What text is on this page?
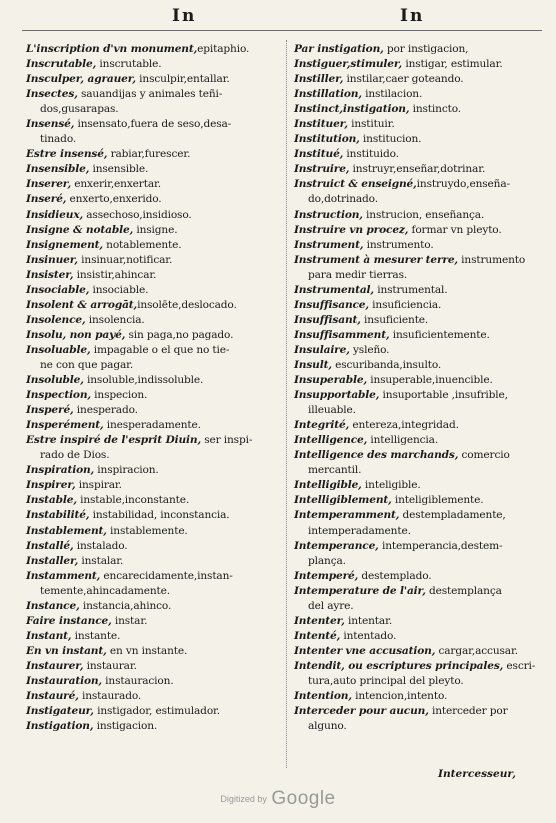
In	In
L'inscription d'vn monument,epitaphio.
Inscrutable, inscrutable.
Insculper, agrauer, insculpir,entallar.
Insectes, sauandijas y animales teñi-
dos,gusarapas.
Insensé, insensato,fuera de seso,desa-
tinado.
Estre insensé, rabiar,furescer.
Insensible, insensible.
Inserer, enxerir,enxertar.
Inseré, enxerto,enxerido.
Insidieux, assechoso,insidioso.
Insigne & notable, insigne.
Insignement, notablemente.
Insinuer, insinuar,notificar.
Insister, insistir,ahincar.
Insociable, insociable.
Insolent & arrogāt,insolēte,deslocado.
Insolence, insolencia.
Insolu, non payé, sin paga,no pagado.
Insoluable, impagable o el que no tie-
ne con que pagar.
Insoluble, insoluble,indissoluble.
Inspection, inspecion.
Insperé, inesperado.
Insperément, inesperadamente.
Estre inspiré de l'esprit Diuin, ser inspi-
rado de Dios.
Inspiration, inspiracion.
Inspirer, inspirar.
Instable, instable,inconstante.
Instabilité, instabilidad, inconstancia.
Instablement, instablemente.
Installé, instalado.
Installer, instalar.
Instamment, encarecidamente,instan-
temente,ahincadamente.
Instance, instancia,ahinco.
Faire instance, instar.
Instant, instante.
En vn instant, en vn instante.
Instaurer, instaurar.
Instauration, instauracion.
Instauré, instaurado.
Instigateur, instigador, estimulador.
Instigation, instigacion.
Par instigation, por instigacion,
Instiguer,stimuler, instigar, estimular.
Instiller, instilar,caer goteando.
Instillation, instilacion.
Instinct,instigation, instincto.
Instituer, instituir.
Institution, institucion.
Institué, instituido.
Instruire, instruyr,enseñar,dotrinar.
Instruict & enseigné,instruydo,enseña-
do,dotrinado.
Instruction, instrucion, enseñança.
Instruire vn procez, formar vn pleyto.
Instrument, instrumento.
Instrument à mesurer terre, instrumento
para medir tierras.
Instrumental, instrumental.
Insuffisance, insuficiencia.
Insuffisant, insuficiente.
Insuffisamment, insuficientemente.
Insulaire, ysleño.
Insult, escuribanda,insulto.
Insuperable, insuperable,inuencible.
Insupportable, insuportable ,insufrible,
illeuable.
Integrité, entereza,integridad.
Intelligence, intelligencia.
Intelligence des marchands, comercio
mercantil.
Intelligible, inteligible.
Intelligiblement, inteligiblemente.
Intemperamment, destempladamente,
intemperadamente.
Intemperance, intemperancia,destem-
plança.
Intemperé, destemplado.
Intemperature de l'air, destemplança
del ayre.
Intenter, intentar.
Intenté, intentado.
Intenter vne accusation, cargar,accusar.
Intendit, ou escriptures principales, escri-
tura,auto principal del pleyto.
Intention, intencion,intento.
Interceder pour aucun, interceder por
alguno.
Intercesseur,
Digitized by Google
